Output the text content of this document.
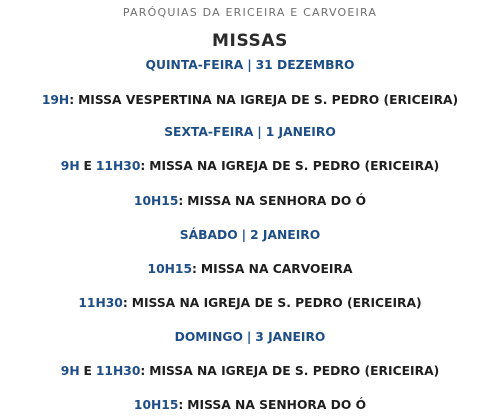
PARÓQUIAS DA ERICEIRA E CARVOEIRA
MISSAS
QUINTA-FEIRA | 31 DEZEMBRO
19H: MISSA VESPERTINA NA IGREJA DE S. PEDRO (ERICEIRA)
SEXTA-FEIRA | 1 JANEIRO
9H E 11H30: MISSA NA IGREJA DE S. PEDRO (ERICEIRA)
10H15: MISSA NA SENHORA DO Ó
SÁBADO | 2 JANEIRO
10H15: MISSA NA CARVOEIRA
11H30: MISSA NA IGREJA DE S. PEDRO (ERICEIRA)
DOMINGO | 3 JANEIRO
9H E 11H30: MISSA NA IGREJA DE S. PEDRO (ERICEIRA)
10H15: MISSA NA SENHORA DO Ó
